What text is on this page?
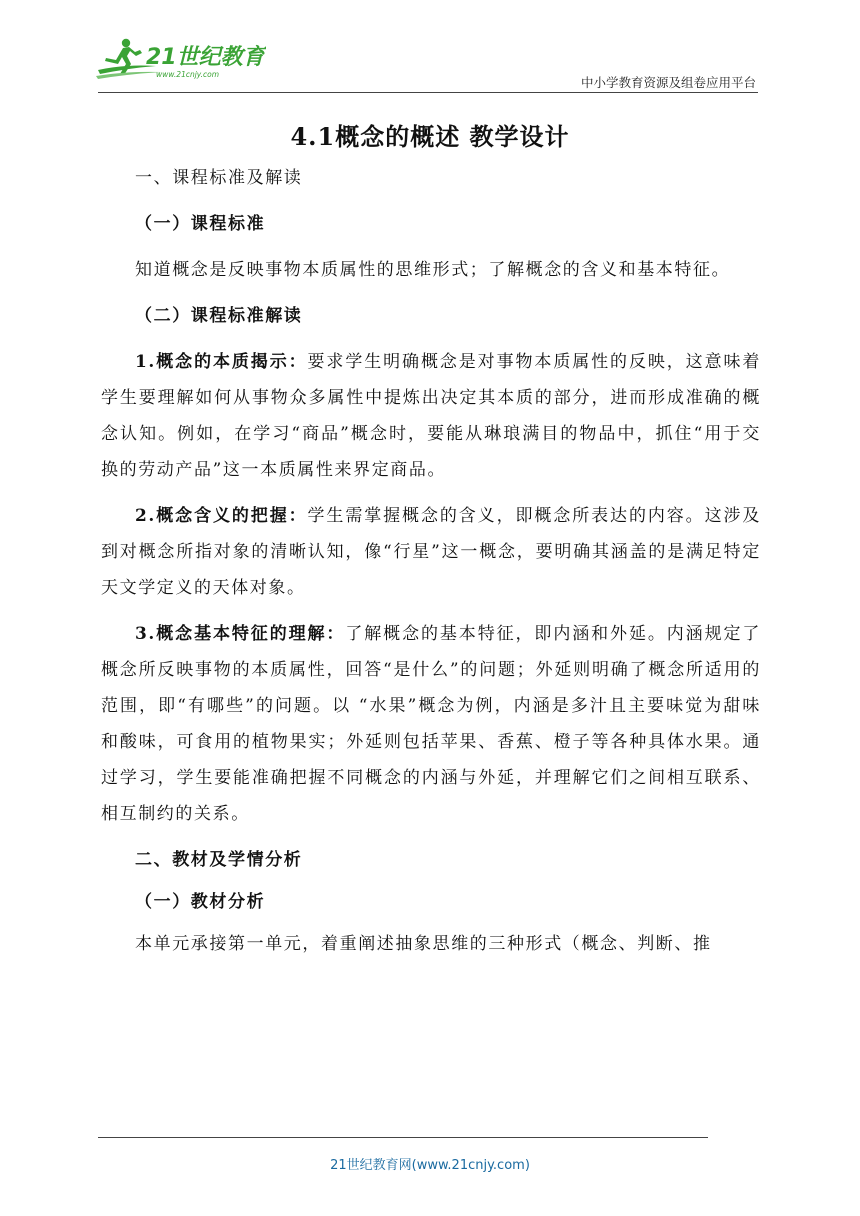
21世纪教育
www.21cnjy.com
中小学教育资源及组卷应用平台
4.1概念的概述 教学设计

一、课程标准及解读

（一）课程标准

知道概念是反映事物本质属性的思维形式；了解概念的含义和基本特征。

（二）课程标准解读

1.概念的本质揭示：要求学生明确概念是对事物本质属性的反映，这意味着学生要理解如何从事物众多属性中提炼出决定其本质的部分，进而形成准确的概念认知。例如，在学习“商品”概念时，要能从琳琅满目的物品中，抓住“用于交换的劳动产品”这一本质属性来界定商品。

2.概念含义的把握：学生需掌握概念的含义，即概念所表达的内容。这涉及到对概念所指对象的清晰认知，像“行星”这一概念，要明确其涵盖的是满足特定天文学定义的天体对象。

3.概念基本特征的理解：了解概念的基本特征，即内涵和外延。内涵规定了概念所反映事物的本质属性，回答“是什么”的问题；外延则明确了概念所适用的范围，即“有哪些”的问题。以 “水果”概念为例，内涵是多汁且主要味觉为甜味和酸味，可食用的植物果实；外延则包括苹果、香蕉、橙子等各种具体水果。通过学习，学生要能准确把握不同概念的内涵与外延，并理解它们之间相互联系、相互制约的关系。

二、教材及学情分析

（一）教材分析

本单元承接第一单元，着重阐述抽象思维的三种形式（概念、判断、推

21世纪教育网(www.21cnjy.com)
